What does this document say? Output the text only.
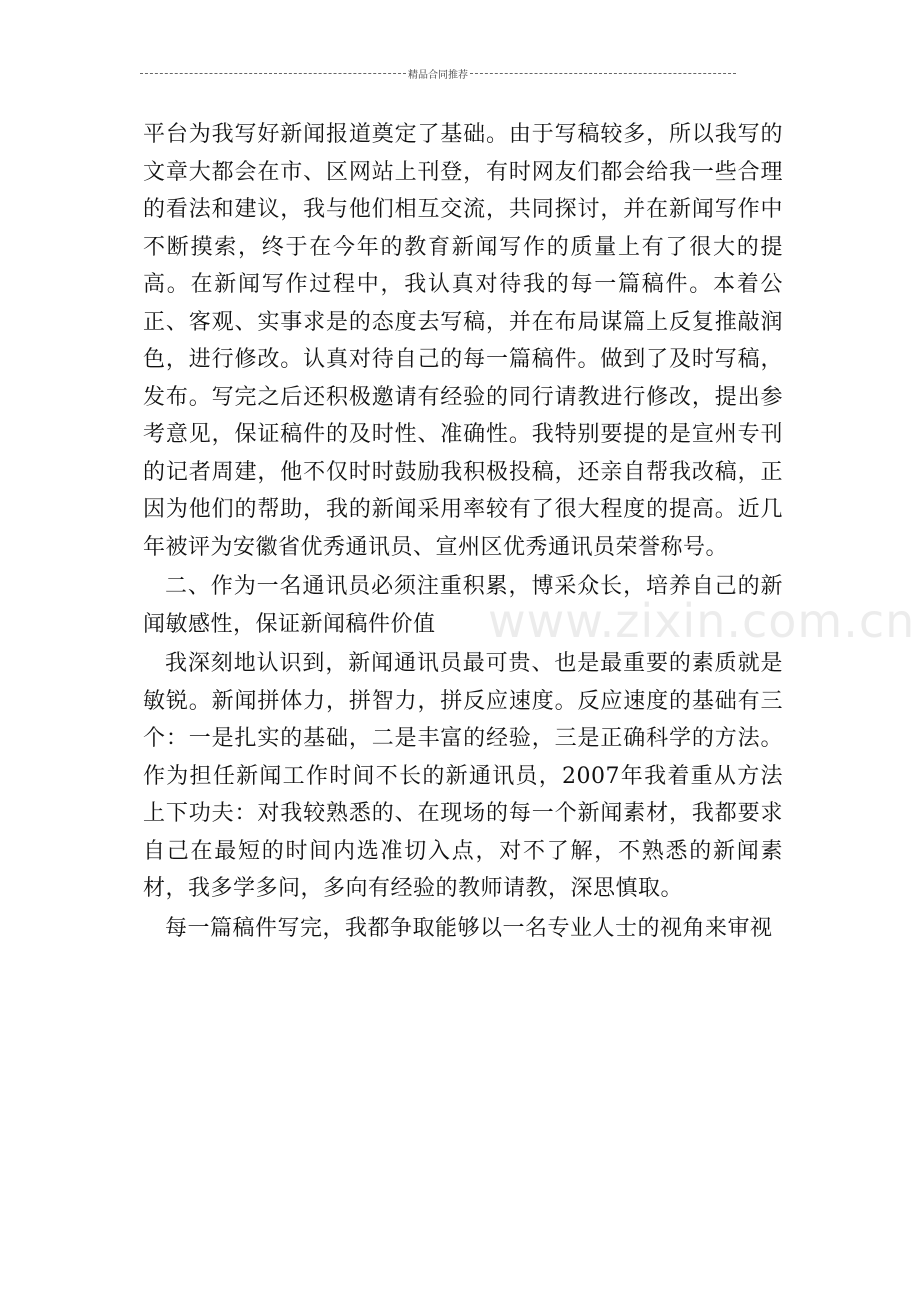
精品合同推荐

平台为我写好新闻报道奠定了基础。由于写稿较多，所以我写的文章大都会在市、区网站上刊登，有时网友们都会给我一些合理的看法和建议，我与他们相互交流，共同探讨，并在新闻写作中不断摸索，终于在今年的教育新闻写作的质量上有了很大的提高。在新闻写作过程中，我认真对待我的每一篇稿件。本着公正、客观、实事求是的态度去写稿，并在布局谋篇上反复推敲润色，进行修改。认真对待自己的每一篇稿件。做到了及时写稿，发布。写完之后还积极邀请有经验的同行请教进行修改，提出参考意见，保证稿件的及时性、准确性。我特别要提的是宣州专刊的记者周建，他不仅时时鼓励我积极投稿，还亲自帮我改稿，正因为他们的帮助，我的新闻采用率较有了很大程度的提高。近几年被评为安徽省优秀通讯员、宣州区优秀通讯员荣誉称号。

二、作为一名通讯员必须注重积累，博采众长，培养自己的新闻敏感性，保证新闻稿件价值

我深刻地认识到，新闻通讯员最可贵、也是最重要的素质就是敏锐。新闻拼体力，拼智力，拼反应速度。反应速度的基础有三个：一是扎实的基础，二是丰富的经验，三是正确科学的方法。作为担任新闻工作时间不长的新通讯员，2007年我着重从方法上下功夫：对我较熟悉的、在现场的每一个新闻素材，我都要求自己在最短的时间内选准切入点，对不了解，不熟悉的新闻素材，我多学多问，多向有经验的教师请教，深思慎取。

每一篇稿件写完，我都争取能够以一名专业人士的视角来审视

www.zixin.com.cn
